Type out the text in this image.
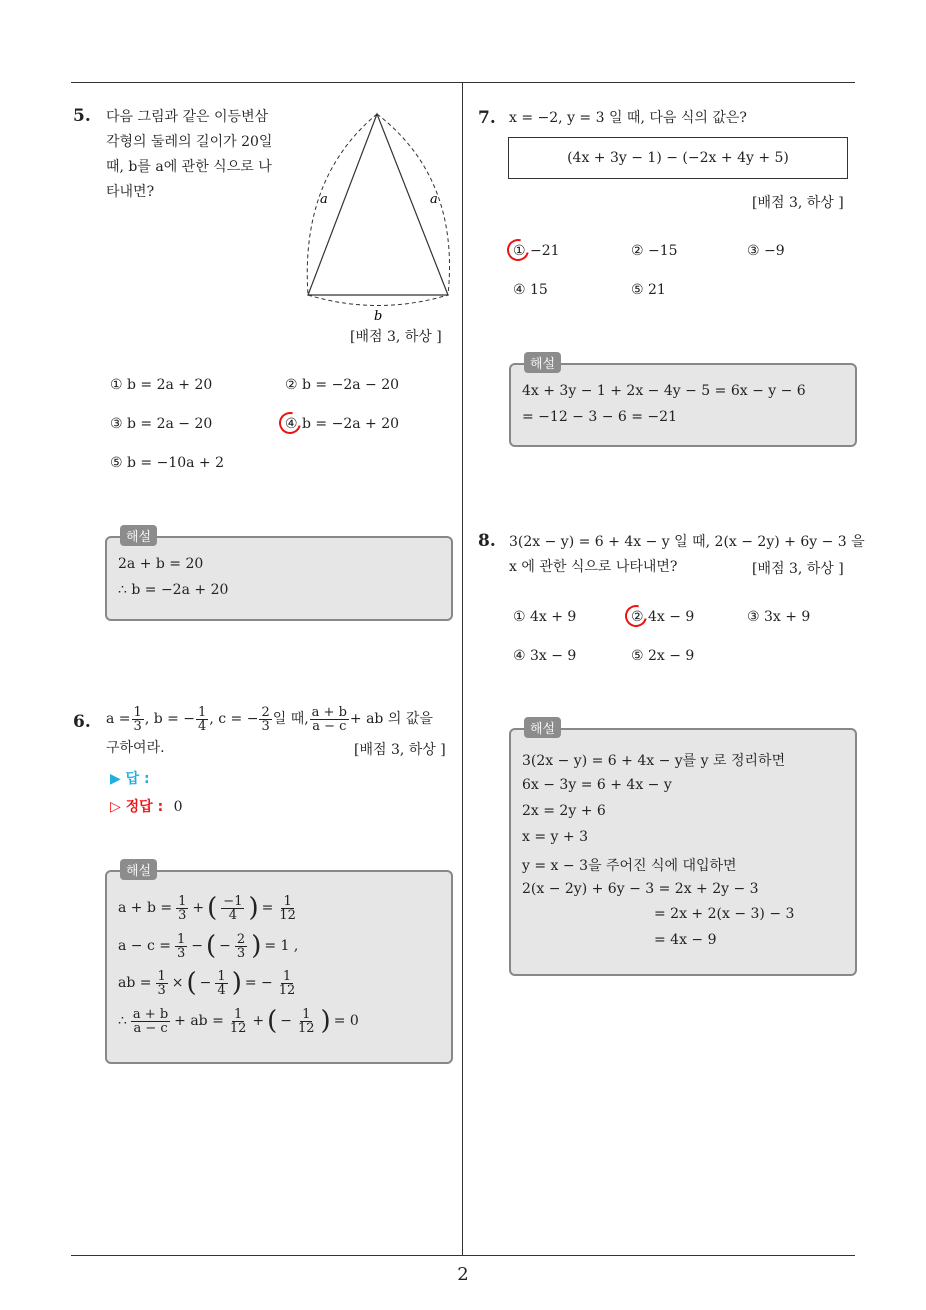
2
5. 다음 그림과 같은 이등변삼
각형의 둘레의 길이가 20일
때, b를 a에 관한 식으로 나
타내면?	a	a
b
[배점 3, 하상 ]
① b = 2a + 20	② b = −2a − 20
③ b = 2a − 20	④ b = −2a + 20
⑤ b = −10a + 2
해설
2a + b = 20
∴ b = −2a + 20
6. $a = \frac{1}{3}$ , b = − $\frac{1}{4}$ , c = − $\frac{2}{3}$ 일 때, $\frac{a + b}{a - c}$ + ab 의 값을
구하여라.	[배점 3, 하상 ]
▶ 답 :
▷ 정답 : 0
해설
$a + b = \frac{1}{3}$ + ( $\frac{-1}{4}$ ) = $\frac{1}{12}$
$a - c = \frac{1}{3}$ − ( − $\frac{2}{3}$ ) = 1 ,
ab = $\frac{1}{3}$ × ( − $\frac{1}{4}$ ) = − $\frac{1}{12}$
∴ $\frac{a + b}{a - c}$ + ab = $\frac{1}{12}$ + ( − $\frac{1}{12}$ ) = 0
7. x = −2, y = 3 일 때, 다음 식의 값은?
(4x + 3y − 1) − (−2x + 4y + 5)
[배점 3, 하상 ]
① −21	② −15	③ −9
④ 15	⑤ 21
해설
4x + 3y − 1 + 2x − 4y − 5 = 6x − y − 6
= −12 − 3 − 6 = −21
8. 3(2x − y) = 6 + 4x − y 일 때, 2(x − 2y) + 6y − 3 을
x 에 관한 식으로 나타내면?	[배점 3, 하상 ]
① 4x + 9	② 4x − 9	③ 3x + 9
④ 3x − 9	⑤ 2x − 9
해설
3(2x − y) = 6 + 4x − y를 y 로 정리하면
6x − 3y = 6 + 4x − y
2x = 2y + 6
x = y + 3
y = x − 3을 주어진 식에 대입하면
2(x − 2y) + 6y − 3 = 2x + 2y − 3
= 2x + 2(x − 3) − 3
= 4x − 9
